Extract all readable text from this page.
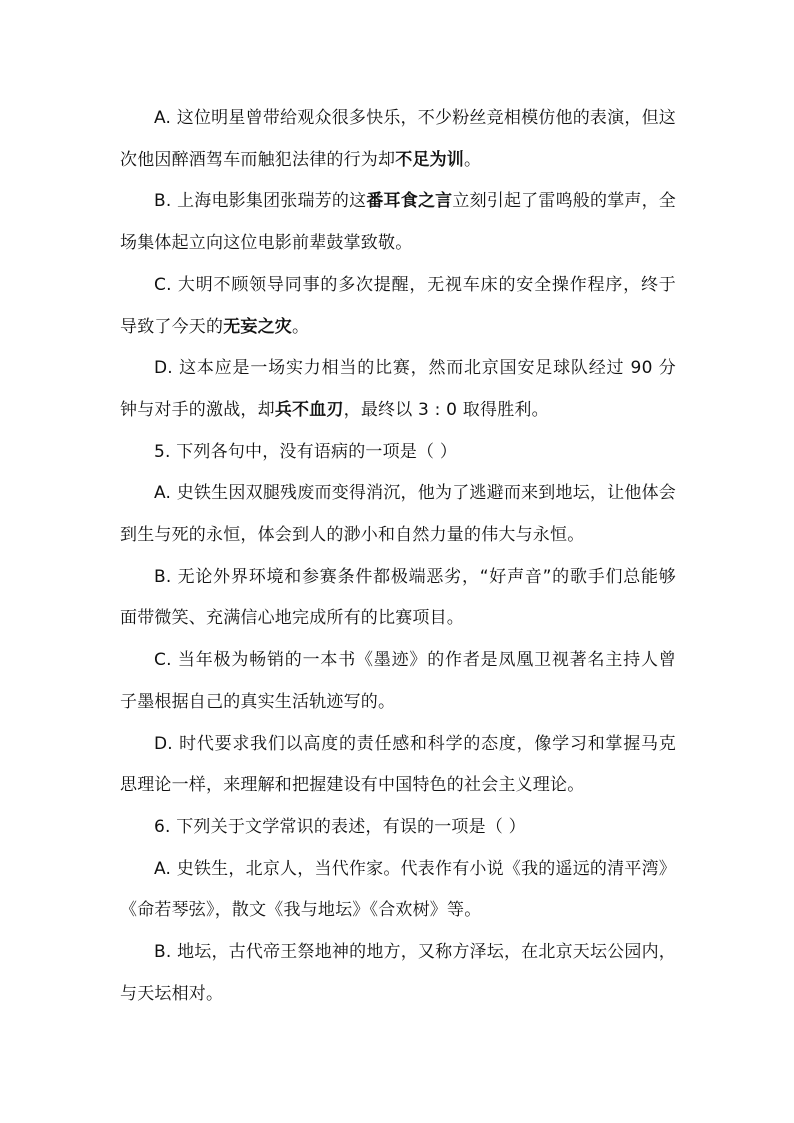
A. 这位明星曾带给观众很多快乐，不少粉丝竞相模仿他的表演，但这次他因醉酒驾车而触犯法律的行为却不足为训。

B. 上海电影集团张瑞芳的这番耳食之言立刻引起了雷鸣般的掌声，全场集体起立向这位电影前辈鼓掌致敬。

C. 大明不顾领导同事的多次提醒，无视车床的安全操作程序，终于导致了今天的无妄之灾。

D. 这本应是一场实力相当的比赛，然而北京国安足球队经过 90 分钟与对手的激战，却兵不血刃，最终以 3 : 0 取得胜利。

5. 下列各句中，没有语病的一项是（ ）

A. 史铁生因双腿残废而变得消沉，他为了逃避而来到地坛，让他体会到生与死的永恒，体会到人的渺小和自然力量的伟大与永恒。

B. 无论外界环境和参赛条件都极端恶劣，“好声音”的歌手们总能够面带微笑、充满信心地完成所有的比赛项目。

C. 当年极为畅销的一本书《墨迹》的作者是凤凰卫视著名主持人曾子墨根据自己的真实生活轨迹写的。

D. 时代要求我们以高度的责任感和科学的态度，像学习和掌握马克思理论一样，来理解和把握建设有中国特色的社会主义理论。

6. 下列关于文学常识的表述，有误的一项是（ ）

A. 史铁生，北京人，当代作家。代表作有小说《我的遥远的清平湾》《命若琴弦》，散文《我与地坛》《合欢树》等。

B. 地坛，古代帝王祭地神的地方，又称方泽坛，在北京天坛公园内，与天坛相对。
